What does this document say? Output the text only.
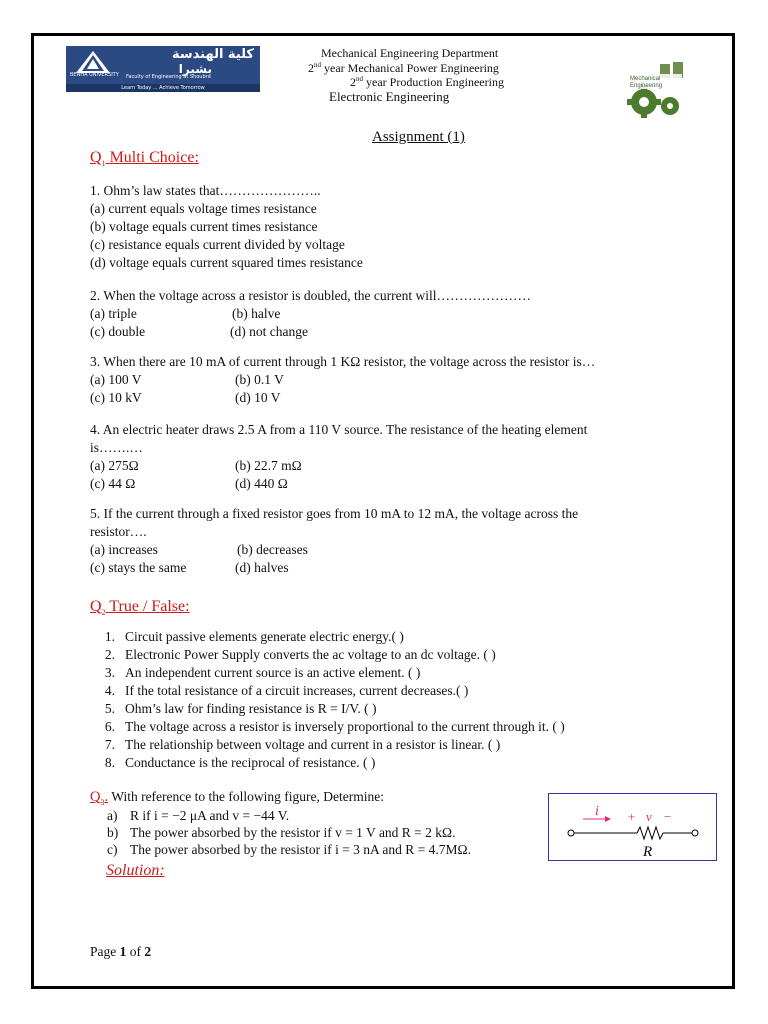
كلية الهندسة
بشبرا
BENHA UNIVERSITY Faculty of Engineering at Shoubra
Learn Today ... Achieve Tomorrow
Mechanical Engineering Department
2nd year Mechanical Power Engineering
2nd year Production Engineering
Electronic Engineering
Mechanical
Engineering
Assignment (1)
$Q_1$ Multi Choice:
1. Ohm’s law states that…………………..
(a) current equals voltage times resistance
(b) voltage equals current times resistance
(c) resistance equals current divided by voltage
(d) voltage equals current squared times resistance
2. When the voltage across a resistor is doubled, the current will…………………
(a) triple	(b) halve
(c) double	(d) not change
3. When there are 10 mA of current through 1 KΩ resistor, the voltage across the resistor is…
(a) 100 V	(b) 0.1 V
(c) 10 kV	(d) 10 V
4. An electric heater draws 2.5 A from a 110 V source. The resistance of the heating element
is…….…
(a) 275Ω	(b) 22.7 mΩ
(c) 44 Ω	(d) 440 Ω
5. If the current through a fixed resistor goes from 10 mA to 12 mA, the voltage across the
resistor….
(a) increases	(b) decreases
(c) stays the same	(d) halves
$Q_2$ True / False:
1. Circuit passive elements generate electric energy.( )
2. Electronic Power Supply converts the ac voltage to an dc voltage. ( )
3. An independent current source is an active element. ( )
4. If the total resistance of a circuit increases, current decreases.( )
5. Ohm’s law for finding resistance is R = I/V. ( )
6. The voltage across a resistor is inversely proportional to the current through it. ( )
7. The relationship between voltage and current in a resistor is linear. ( )
8. Conductance is the reciprocal of resistance. ( )
$Q_3$. With reference to the following figure, Determine:
a) R if i = −2 μA and v = −44 V.
b) The power absorbed by the resistor if v = 1 V and R = 2 kΩ.
c) The power absorbed by the resistor if i = 3 nA and R = 4.7MΩ.
i + v −
R
Solution:
Page 1 of 2
